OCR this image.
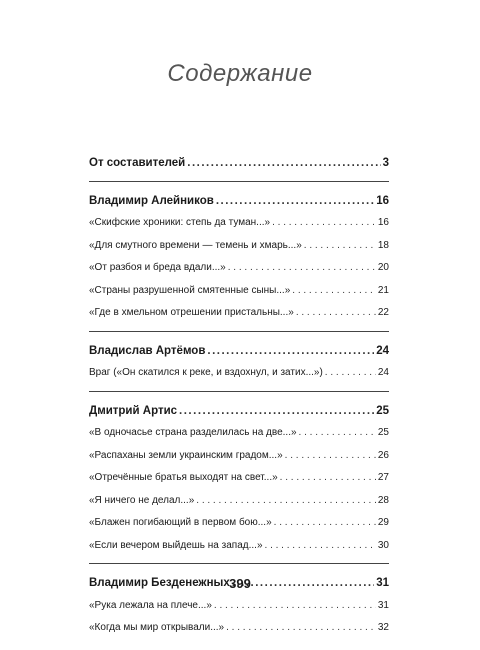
Содержание
От составителей .....	3
Владимир Алейников .....	16
«Скифские хроники: степь да туман...» . . .	16
«Для смутного времени — темень и хмарь...» . . .	18
«От разбоя и бреда вдали...» . . .	20
«Страны разрушенной смятенные сыны...» . . .	21
«Где в хмельном отрешении пристальны...» . . .	22
Владислав Артёмов .....	24
Враг («Он скатился к реке, и вздохнул, и затих...») . . .	24
Дмитрий Артис .....	25
«В одночасье страна разделилась на две...» . . .	25
«Распаханы земли украинским градом...» . . .	26
«Отречённые братья выходят на свет...» . . .	27
«Я ничего не делал...» . . .	28
«Блажен погибающий в первом бою...» . . .	29
«Если вечером выйдешь на запад...» . . .	30
Владимир Безденежных .....	31
«Рука лежала на плече...» . . .	31
«Когда мы мир открывали...» . . .	32
399
